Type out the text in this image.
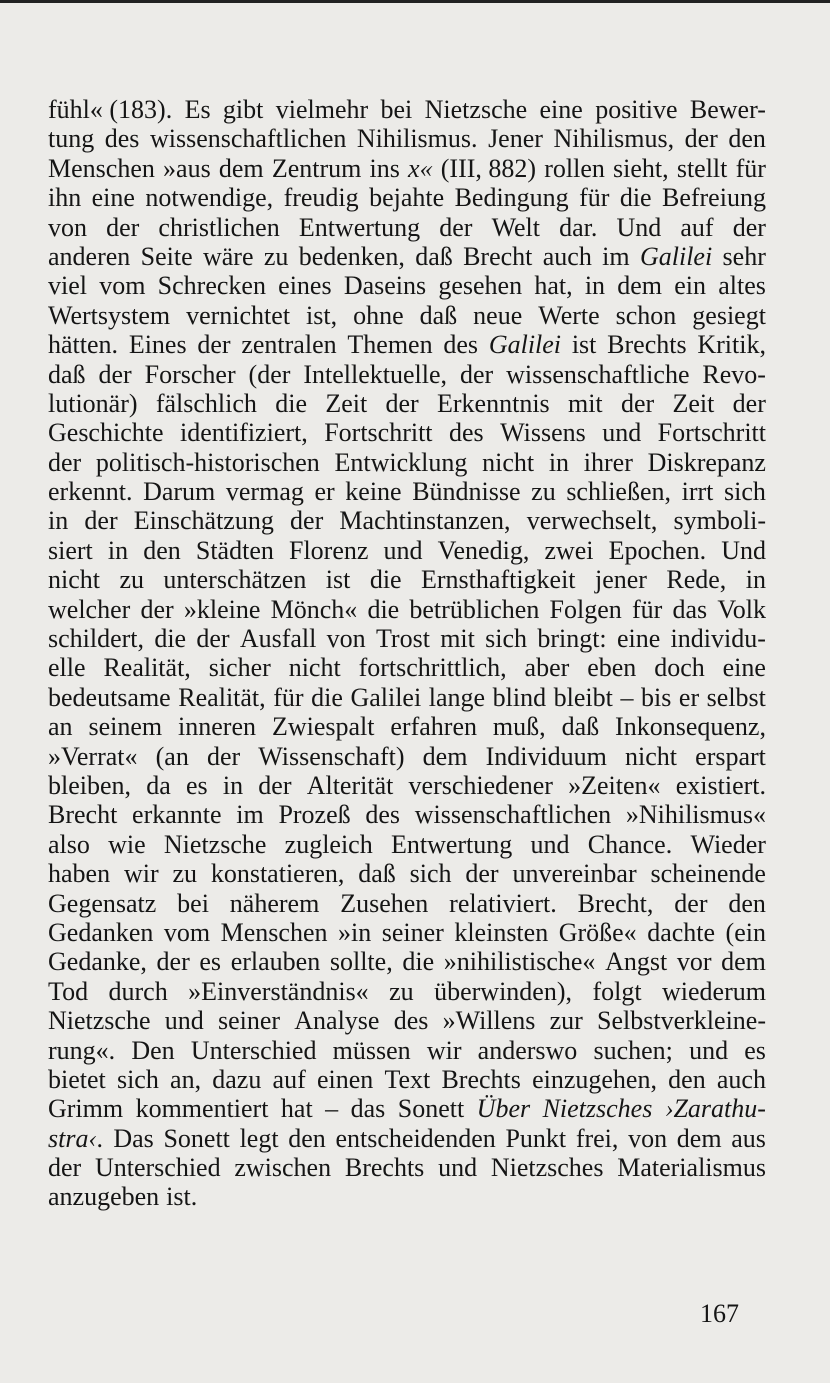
fühl« (183). Es gibt vielmehr bei Nietzsche eine positive Bewer-
tung des wissenschaftlichen Nihilismus. Jener Nihilismus, der den
Menschen »aus dem Zentrum ins x« (III, 882) rollen sieht, stellt für
ihn eine notwendige, freudig bejahte Bedingung für die Befreiung
von der christlichen Entwertung der Welt dar. Und auf der
anderen Seite wäre zu bedenken, daß Brecht auch im Galilei sehr
viel vom Schrecken eines Daseins gesehen hat, in dem ein altes
Wertsystem vernichtet ist, ohne daß neue Werte schon gesiegt
hätten. Eines der zentralen Themen des Galilei ist Brechts Kritik,
daß der Forscher (der Intellektuelle, der wissenschaftliche Revo-
lutionär) fälschlich die Zeit der Erkenntnis mit der Zeit der
Geschichte identifiziert, Fortschritt des Wissens und Fortschritt
der politisch-historischen Entwicklung nicht in ihrer Diskrepanz
erkennt. Darum vermag er keine Bündnisse zu schließen, irrt sich
in der Einschätzung der Machtinstanzen, verwechselt, symboli-
siert in den Städten Florenz und Venedig, zwei Epochen. Und
nicht zu unterschätzen ist die Ernsthaftigkeit jener Rede, in
welcher der »kleine Mönch« die betrüblichen Folgen für das Volk
schildert, die der Ausfall von Trost mit sich bringt: eine individu-
elle Realität, sicher nicht fortschrittlich, aber eben doch eine
bedeutsame Realität, für die Galilei lange blind bleibt – bis er selbst
an seinem inneren Zwiespalt erfahren muß, daß Inkonsequenz,
»Verrat« (an der Wissenschaft) dem Individuum nicht erspart
bleiben, da es in der Alterität verschiedener »Zeiten« existiert.
Brecht erkannte im Prozeß des wissenschaftlichen »Nihilismus«
also wie Nietzsche zugleich Entwertung und Chance. Wieder
haben wir zu konstatieren, daß sich der unvereinbar scheinende
Gegensatz bei näherem Zusehen relativiert. Brecht, der den
Gedanken vom Menschen »in seiner kleinsten Größe« dachte (ein
Gedanke, der es erlauben sollte, die »nihilistische« Angst vor dem
Tod durch »Einverständnis« zu überwinden), folgt wiederum
Nietzsche und seiner Analyse des »Willens zur Selbstverkleine-
rung«. Den Unterschied müssen wir anderswo suchen; und es
bietet sich an, dazu auf einen Text Brechts einzugehen, den auch
Grimm kommentiert hat – das Sonett Über Nietzsches ›Zarathu-
stra‹. Das Sonett legt den entscheidenden Punkt frei, von dem aus
der Unterschied zwischen Brechts und Nietzsches Materialismus
anzugeben ist.
167
